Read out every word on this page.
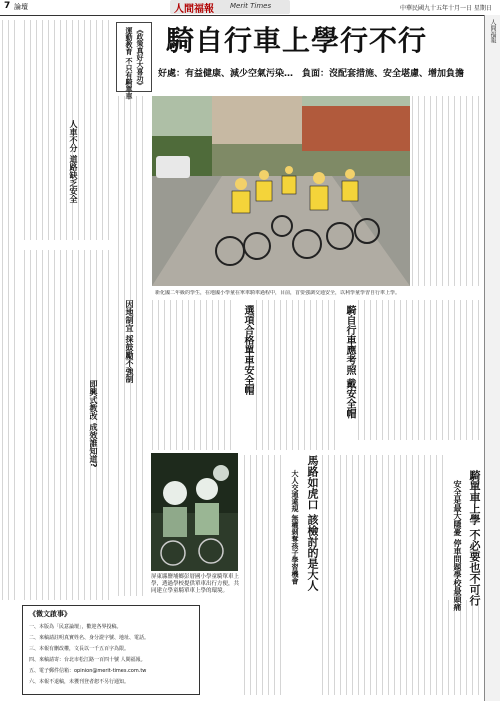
7 論壇	人間福報 Merit Times	中華民國九十五年十月一日 星期日
《政策真好大喜功》
運動教育 不只有騎單車
人車不分 道路缺乏安全
因地制宜 採鼓勵不強制
即興式教改 成效誰知道?
騎自行車上學行不行
好處：有益健康、減少空氣污染…　負面：沒配套措施、安全堪慮、增加負擔
新化國二年級的學生，在地國小學童在單車騎車過程中，目前，首要強調交通安全，以利學童學習自行車上學。
選項合格單車安全帽	騎自行車應考照 戴安全帽
屏東縣鹽埔鄉彭厝國小學童騎單車上學，透過學校提供單車出行方便，共同建立學童騎單車上學的環境。
馬路如虎口 該檢討的是大人
大人交通違規 無權剝奪孩子學習機會	騎單車上學 不必要也不可行
安全是最大隱憂 停車問題學校最頭痛
《微文啟事》
一、本版為「民意論壇」，歡迎各界投稿。
二、來稿請註明真實姓名、身分證字號、地址、電話。
三、本報有刪改權，文長以一千五百字為限。
四、來稿請寄：台北市松江路一百四十號 人間福報。
五、電子郵件信箱：opinion@merit-times.com.tw
六、本報不退稿，未獲刊登者恕不另行通知。
人間福報
